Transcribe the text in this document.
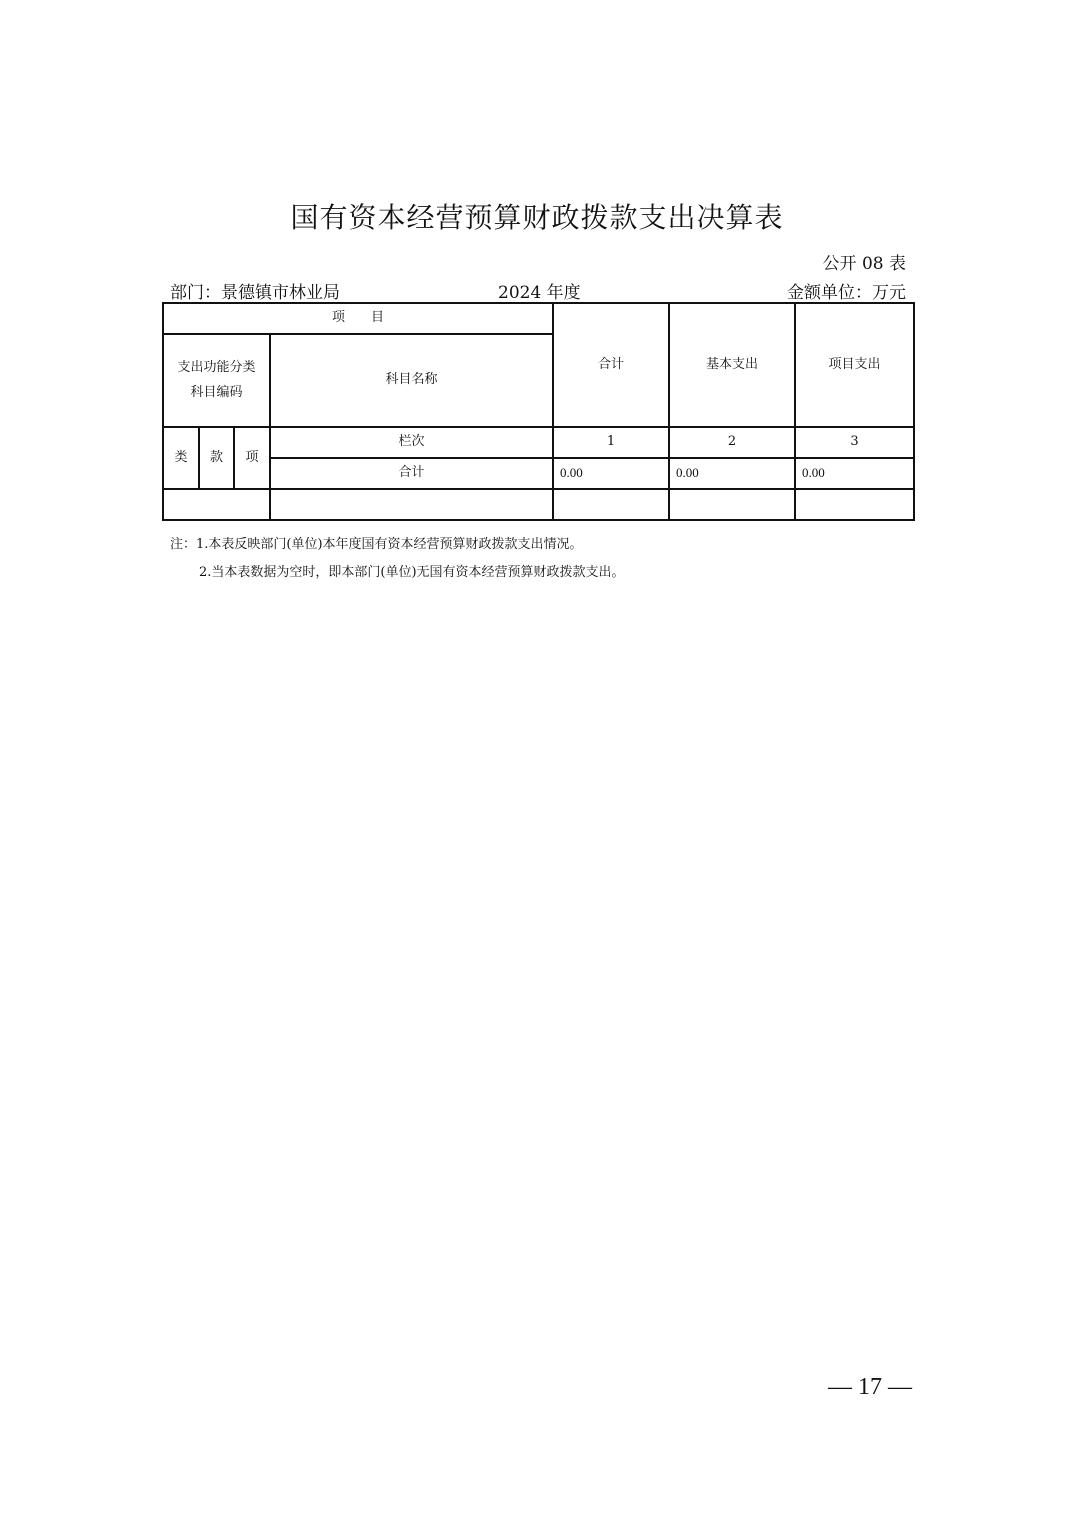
国有资本经营预算财政拨款支出决算表
公开 08 表
部门：景德镇市林业局	2024 年度	金额单位：万元
项　　目				合计	基本支出	项目支出

支出功能分类
科目编码			科目名称			
类	款	项	栏次	1	2	3
			合计	0.00	0.00	0.00

注：1.本表反映部门(单位)本年度国有资本经营预算财政拨款支出情况。
2.当本表数据为空时，即本部门(单位)无国有资本经营预算财政拨款支出。
— 17 —
